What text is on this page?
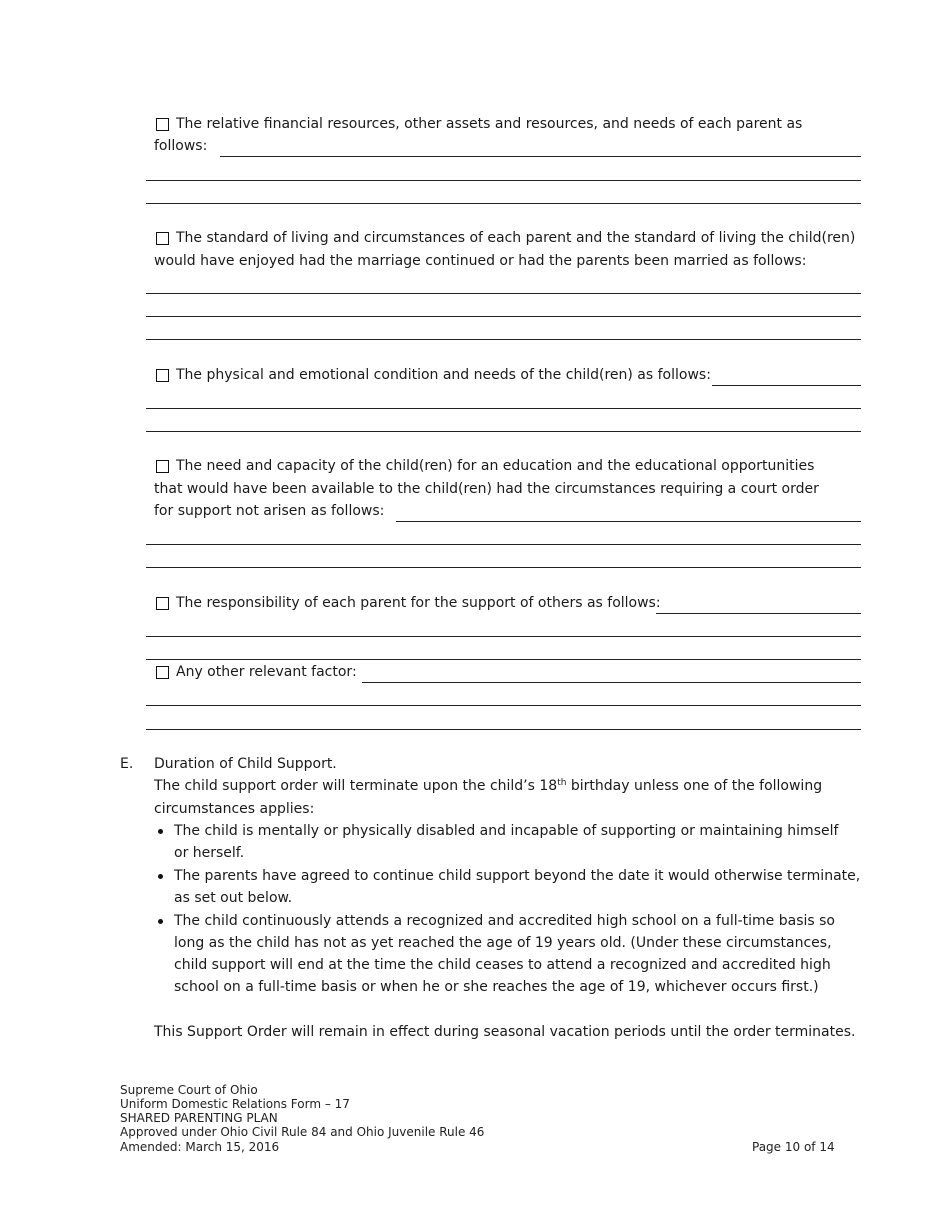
The relative financial resources, other assets and resources, and needs of each parent as
follows:
The standard of living and circumstances of each parent and the standard of living the child(ren)
would have enjoyed had the marriage continued or had the parents been married as follows:
The physical and emotional condition and needs of the child(ren) as follows:
The need and capacity of the child(ren) for an education and the educational opportunities
that would have been available to the child(ren) had the circumstances requiring a court order
for support not arisen as follows:
The responsibility of each parent for the support of others as follows:
Any other relevant factor:
E. Duration of Child Support.
The child support order will terminate upon the child’s 18th birthday unless one of the following
circumstances applies:
The child is mentally or physically disabled and incapable of supporting or maintaining himself
or herself.
The parents have agreed to continue child support beyond the date it would otherwise terminate,
as set out below.
The child continuously attends a recognized and accredited high school on a full-time basis so
long as the child has not as yet reached the age of 19 years old. (Under these circumstances,
child support will end at the time the child ceases to attend a recognized and accredited high
school on a full-time basis or when he or she reaches the age of 19, whichever occurs first.)
This Support Order will remain in effect during seasonal vacation periods until the order terminates.
Supreme Court of Ohio
Uniform Domestic Relations Form – 17
SHARED PARENTING PLAN
Approved under Ohio Civil Rule 84 and Ohio Juvenile Rule 46
Amended: March 15, 2016	Page 10 of 14
